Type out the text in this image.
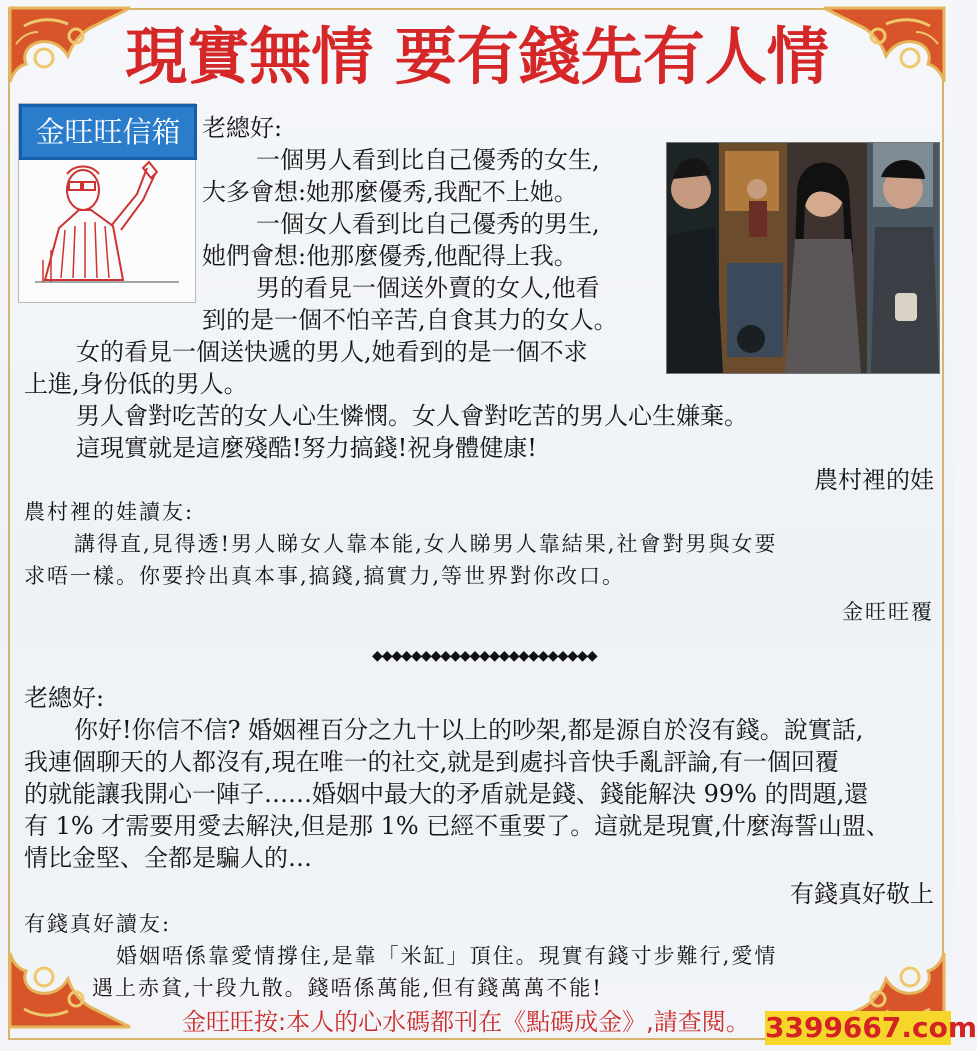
現實無情 要有錢先有人情
金旺旺信箱 老總好:

一個男人看到比自己優秀的女生,

大多會想:她那麼優秀,我配不上她。

一個女人看到比自己優秀的男生,

她們會想:他那麼優秀,他配得上我。

男的看見一個送外賣的女人,他看

到的是一個不怕辛苦,自食其力的女人。

女的看見一個送快遞的男人,她看到的是一個不求

上進,身份低的男人。

男人會對吃苦的女人心生憐憫。女人會對吃苦的男人心生嫌棄。

這現實就是這麼殘酷!努力搞錢!祝身體健康!

農村裡的娃

農村裡的娃讀友:

講得直,見得透!男人睇女人靠本能,女人睇男人靠結果,社會對男與女要

求唔一樣。你要拎出真本事,搞錢,搞實力,等世界對你改口。

金旺旺覆

◆◆◆◆◆◆◆◆◆◆◆◆◆◆◆◆◆◆◆◆◆◆◆

老總好:

你好!你信不信? 婚姻裡百分之九十以上的吵架,都是源自於沒有錢。說實話,

我連個聊天的人都沒有,現在唯一的社交,就是到處抖音快手亂評論,有一個回覆

的就能讓我開心一陣子……婚姻中最大的矛盾就是錢、錢能解決 99% 的問題,還

有 1% 才需要用愛去解決,但是那 1% 已經不重要了。這就是現實,什麼海誓山盟、

情比金堅、全都是騙人的…

有錢真好敬上

有錢真好讀友:

婚姻唔係靠愛情撐住,是靠「米缸」頂住。現實有錢寸步難行,愛情

遇上赤貧,十段九散。錢唔係萬能,但有錢萬萬不能!

金旺旺按:本人的心水碼都刊在《點碼成金》,請查閱。 3399667.com
